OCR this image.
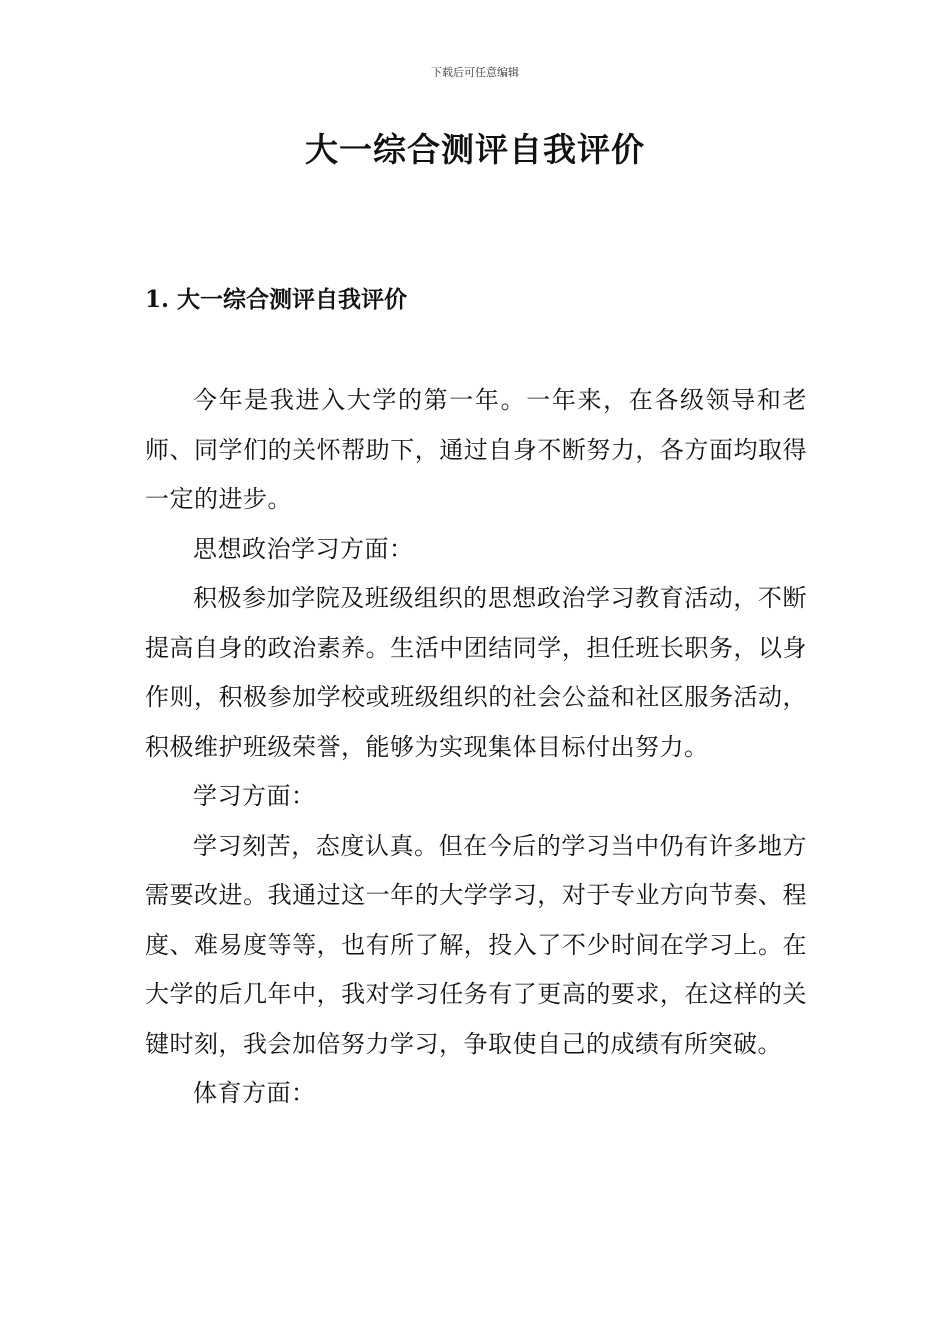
下载后可任意编辑
大一综合测评自我评价
1. 大一综合测评自我评价

今年是我进入大学的第一年。一年来，在各级领导和老师、同学们的关怀帮助下，通过自身不断努力，各方面均取得一定的进步。

思想政治学习方面：

积极参加学院及班级组织的思想政治学习教育活动，不断提高自身的政治素养。生活中团结同学，担任班长职务，以身作则，积极参加学校或班级组织的社会公益和社区服务活动，积极维护班级荣誉，能够为实现集体目标付出努力。

学习方面：

学习刻苦，态度认真。但在今后的学习当中仍有许多地方需要改进。我通过这一年的大学学习，对于专业方向节奏、程度、难易度等等，也有所了解，投入了不少时间在学习上。在大学的后几年中，我对学习任务有了更高的要求，在这样的关键时刻，我会加倍努力学习，争取使自己的成绩有所突破。

体育方面：
